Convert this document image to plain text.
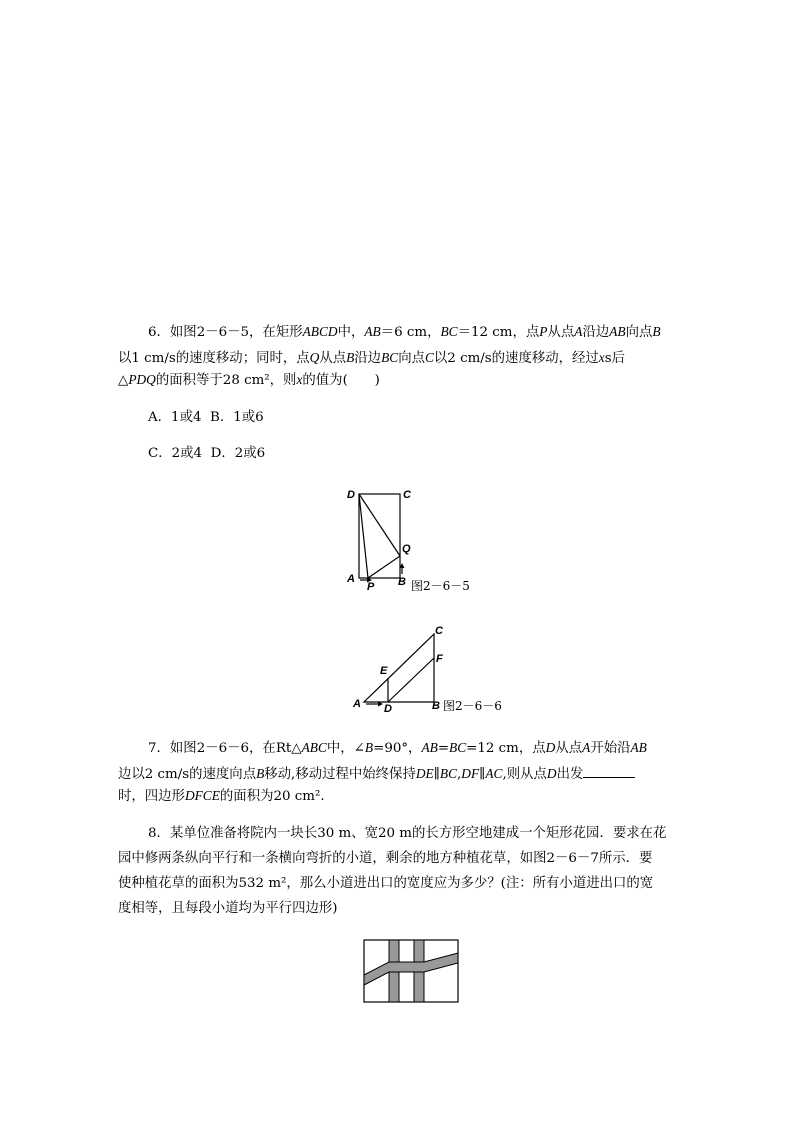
6．如图2－6－5，在矩形ABCD中，AB＝6 cm，BC＝12 cm，点P从点A沿边AB向点B
以1 cm/s的速度移动；同时，点Q从点B沿边BC向点C以2 cm/s的速度移动，经过xs后
△PDQ的面积等于28 cm²，则x的值为(　　)
A．1或4 B．1或6
C．2或4 D．2或6
D	C
Q
A
P B 图2－6－5
C
E
F
A D	B 图2－6－6
7．如图2－6－6，在Rt△ABC中，∠B=90°，AB=BC=12 cm，点D从点A开始沿AB
边以2 cm/s的速度向点B移动,移动过程中始终保持DE∥BC,DF∥AC,则从点D出发
时，四边形DFCE的面积为20 cm².
8．某单位准备将院内一块长30 m、宽20 m的长方形空地建成一个矩形花园．要求在花
园中修两条纵向平行和一条横向弯折的小道，剩余的地方种植花草，如图2－6－7所示．要
使种植花草的面积为532 m²，那么小道进出口的宽度应为多少？(注：所有小道进出口的宽
度相等，且每段小道均为平行四边形)
